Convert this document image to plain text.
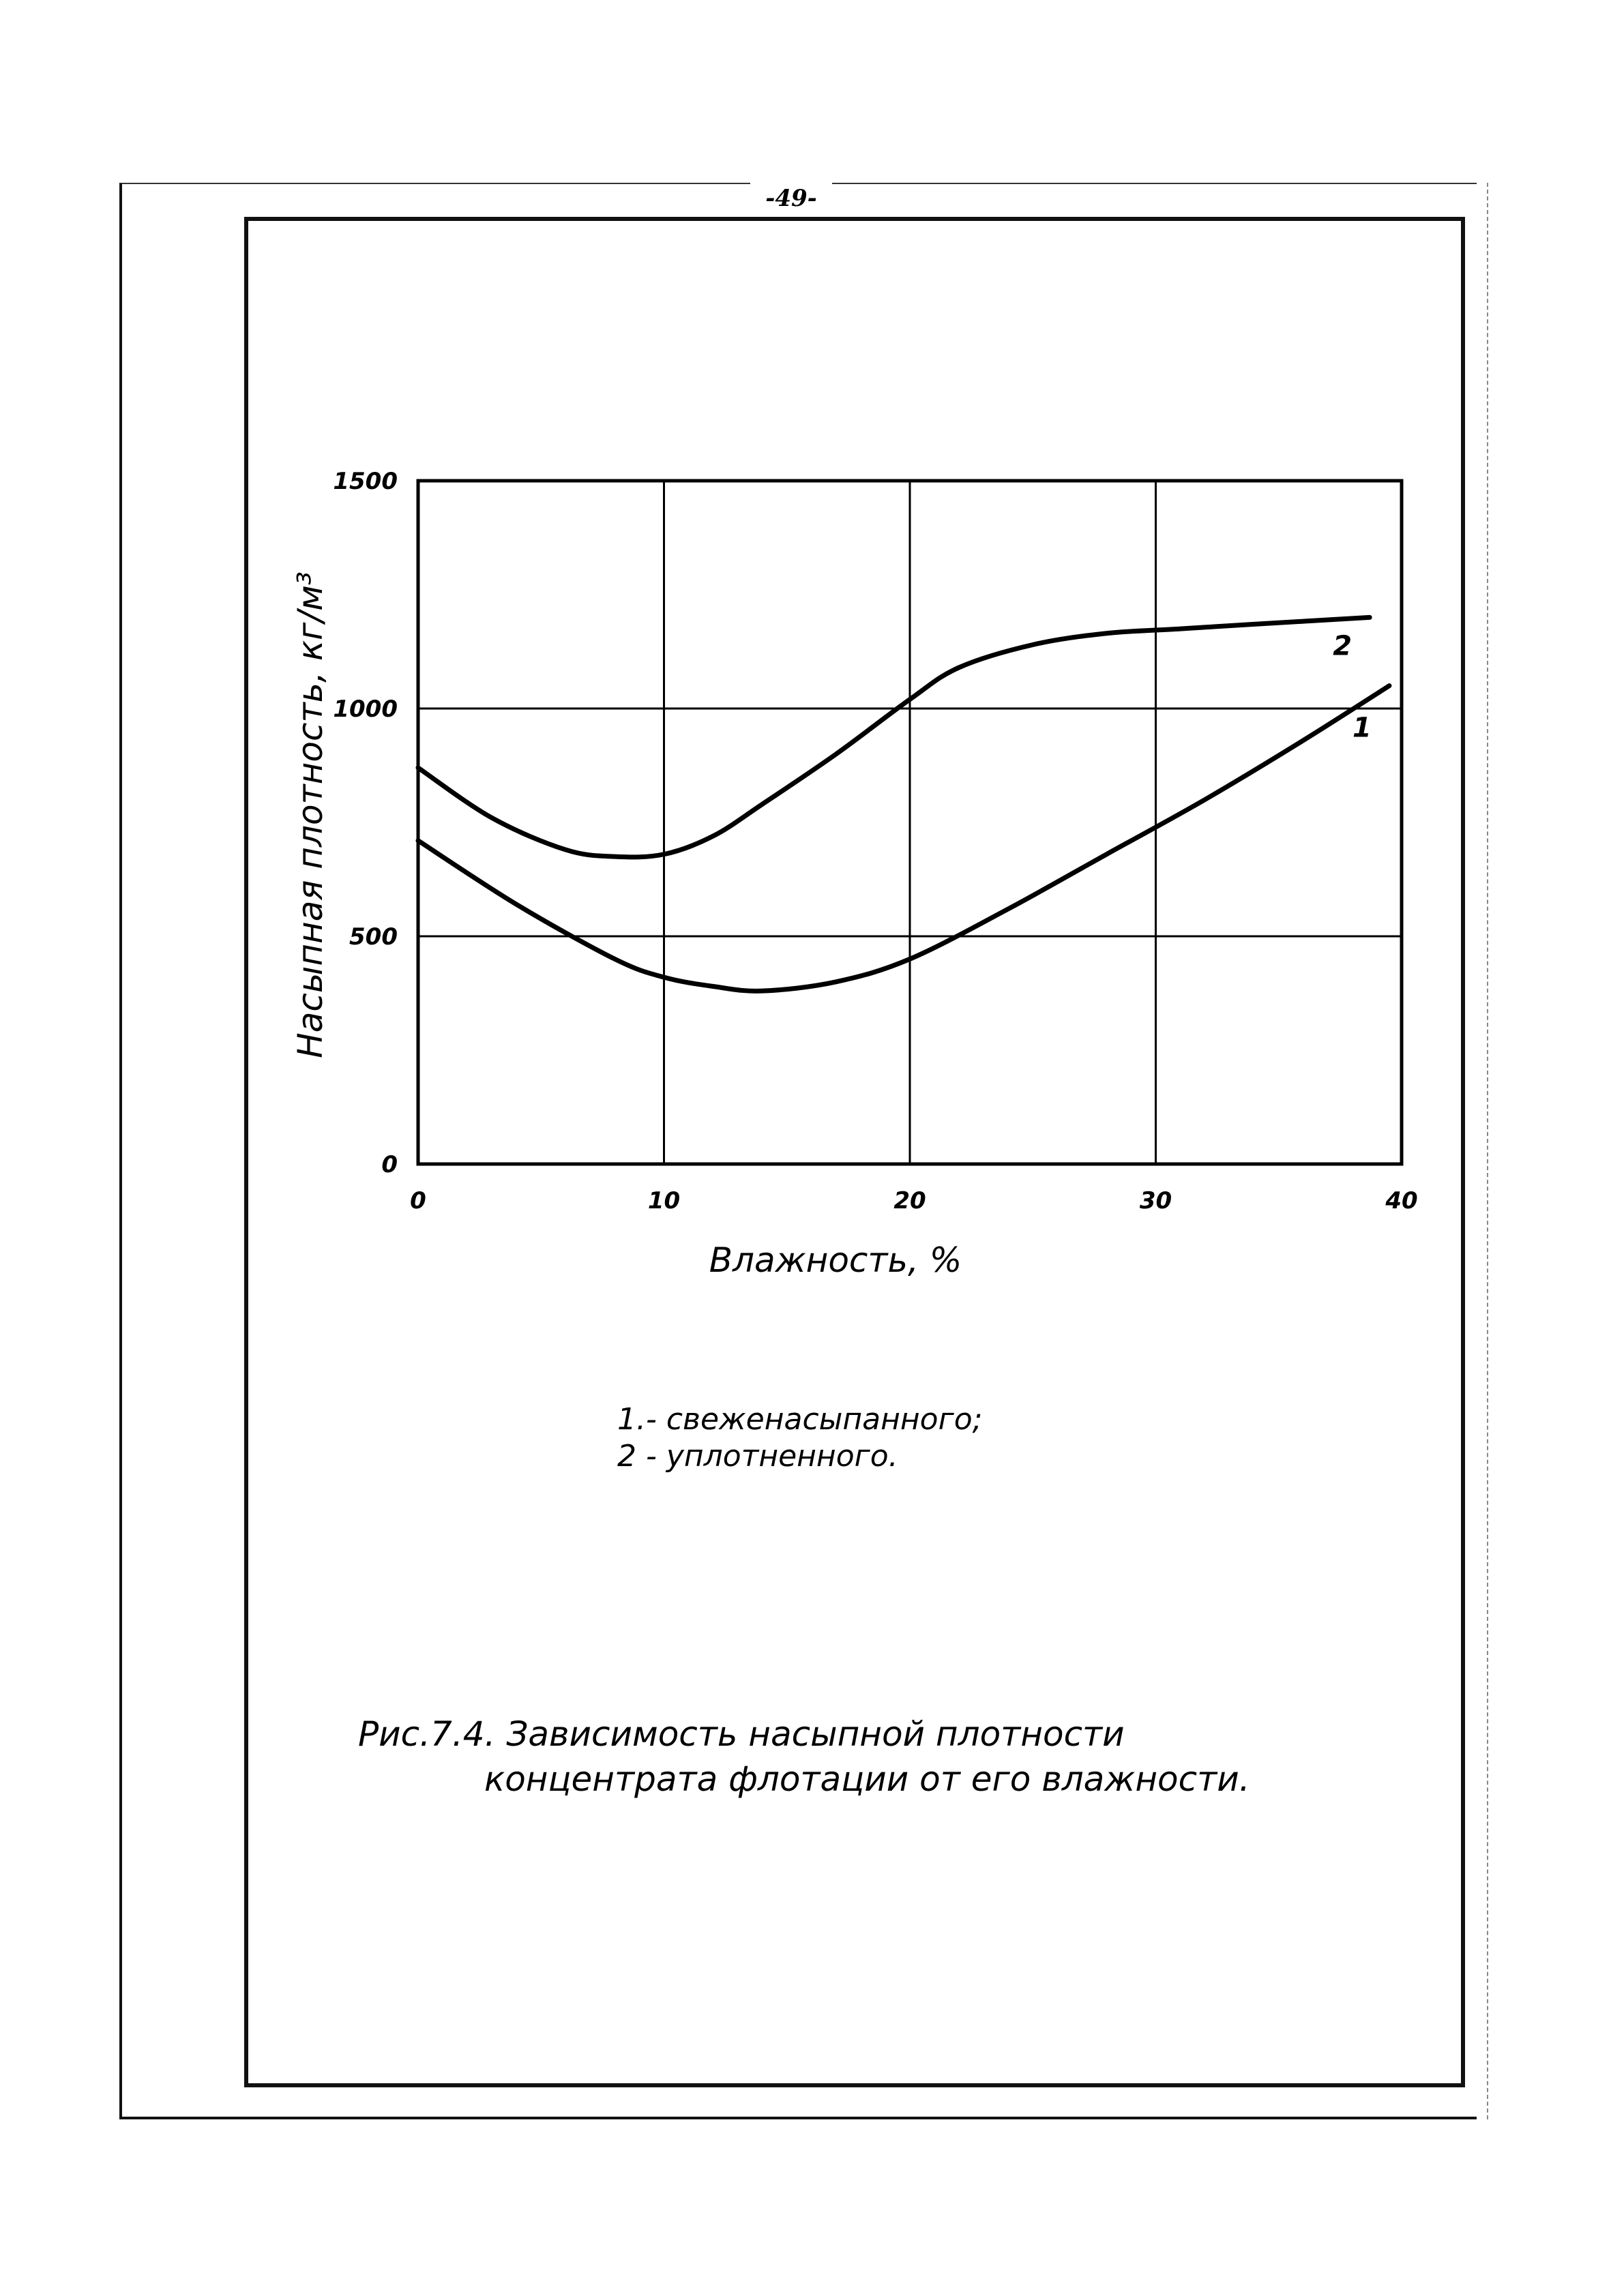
-49-
0	10	20	30	40
0
500
1000
1500
1
2
Влажность, %
Насыпная плотность, кг/м³
1.- свеженасыпанного;
2 - уплотненного.
Рис.7.4. Зависимость насыпной плотности
концентрата флотации от его влажности.
